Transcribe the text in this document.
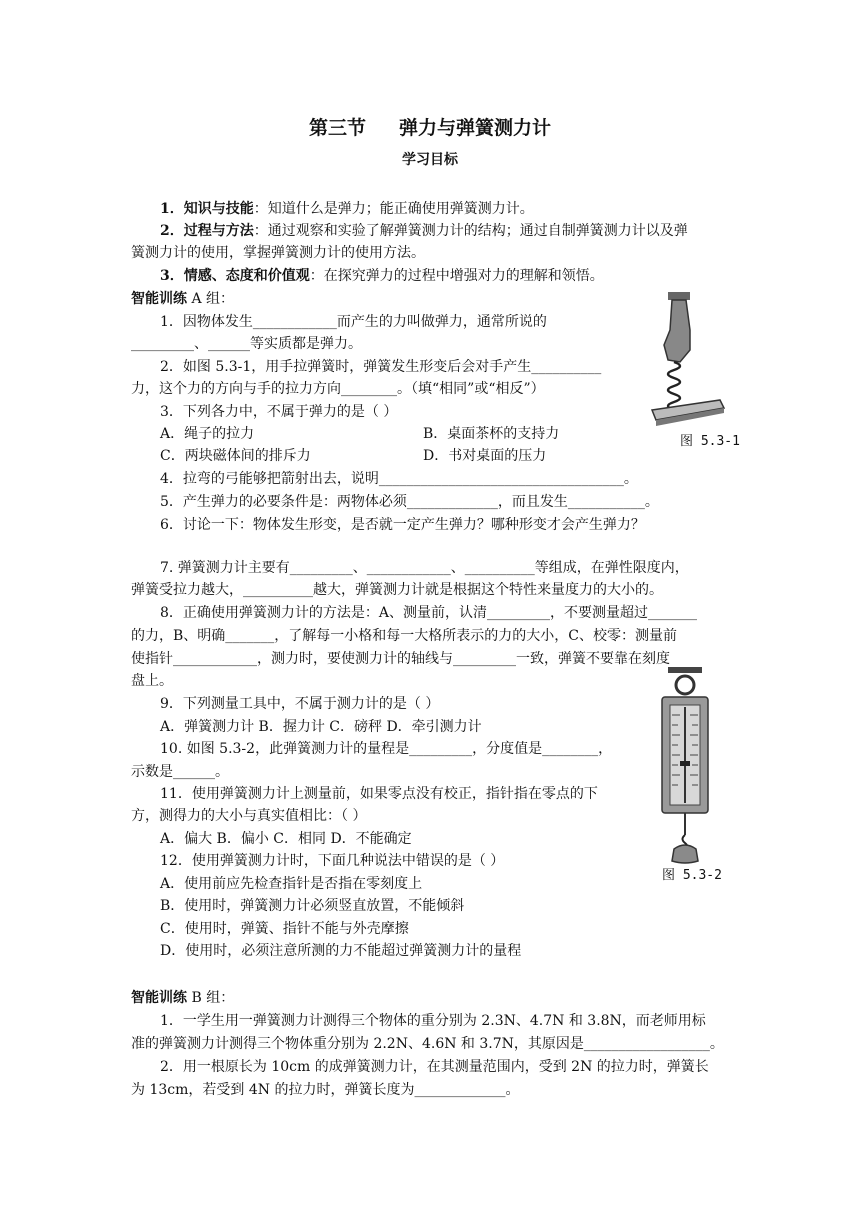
第三节     弹力与弹簧测力计
学习目标
1．知识与技能：知道什么是弹力；能正确使用弹簧测力计。
2．过程与方法：通过观察和实验了解弹簧测力计的结构；通过自制弹簧测力计以及弹
簧测力计的使用，掌握弹簧测力计的使用方法。
3．情感、态度和价值观：在探究弹力的过程中增强对力的理解和领悟。
智能训练 A 组：
1．因物体发生____________而产生的力叫做弹力，通常所说的
_________、______等实质都是弹力。
2．如图 5.3-1，用手拉弹簧时，弹簧发生形变后会对手产生__________
力，这个力的方向与手的拉力方向________。（填“相同”或“相反”）
3．下列各力中，不属于弹力的是（ ）
A．绳子的拉力	B．桌面茶杯的支持力
C．两块磁体间的排斥力	D．书对桌面的压力
4．拉弯的弓能够把箭射出去，说明___________________________________。
5．产生弹力的必要条件是：两物体必须_____________，而且发生___________。
6．讨论一下：物体发生形变，是否就一定产生弹力？哪种形变才会产生弹力？
7. 弹簧测力计主要有_________、____________、__________等组成，在弹性限度内，
弹簧受拉力越大，__________越大，弹簧测力计就是根据这个特性来量度力的大小的。
8．正确使用弹簧测力计的方法是：A、测量前，认清_________，不要测量超过_______
的力，B、明确_______，了解每一小格和每一大格所表示的力的大小，C、校零：测量前
使指针____________，测力时，要使测力计的轴线与_________一致，弹簧不要靠在刻度
盘上。
9．下列测量工具中，不属于测力计的是（ ）
A．弹簧测力计 B．握力计 C．磅秤 D．牵引测力计
10. 如图 5.3-2，此弹簧测力计的量程是_________，分度值是________，
示数是______。
11．使用弹簧测力计上测量前，如果零点没有校正，指针指在零点的下
方，测得力的大小与真实值相比：（ ）
A．偏大 B．偏小 C．相同 D．不能确定
12．使用弹簧测力计时，下面几种说法中错误的是（ ）
A．使用前应先检查指针是否指在零刻度上
B．使用时，弹簧测力计必须竖直放置，不能倾斜
C．使用时，弹簧、指针不能与外壳摩擦
D．使用时，必须注意所测的力不能超过弹簧测力计的量程
智能训练 B 组：
1．一学生用一弹簧测力计测得三个物体的重分别为 2.3N、4.7N 和 3.8N，而老师用标
准的弹簧测力计测得三个物体重分别为 2.2N、4.6N 和 3.7N，其原因是__________________。
2．用一根原长为 10cm 的成弹簧测力计，在其测量范围内，受到 2N 的拉力时，弹簧长
为 13cm，若受到 4N 的拉力时，弹簧长度为_____________。
图 5.3-1
图 5.3-2
